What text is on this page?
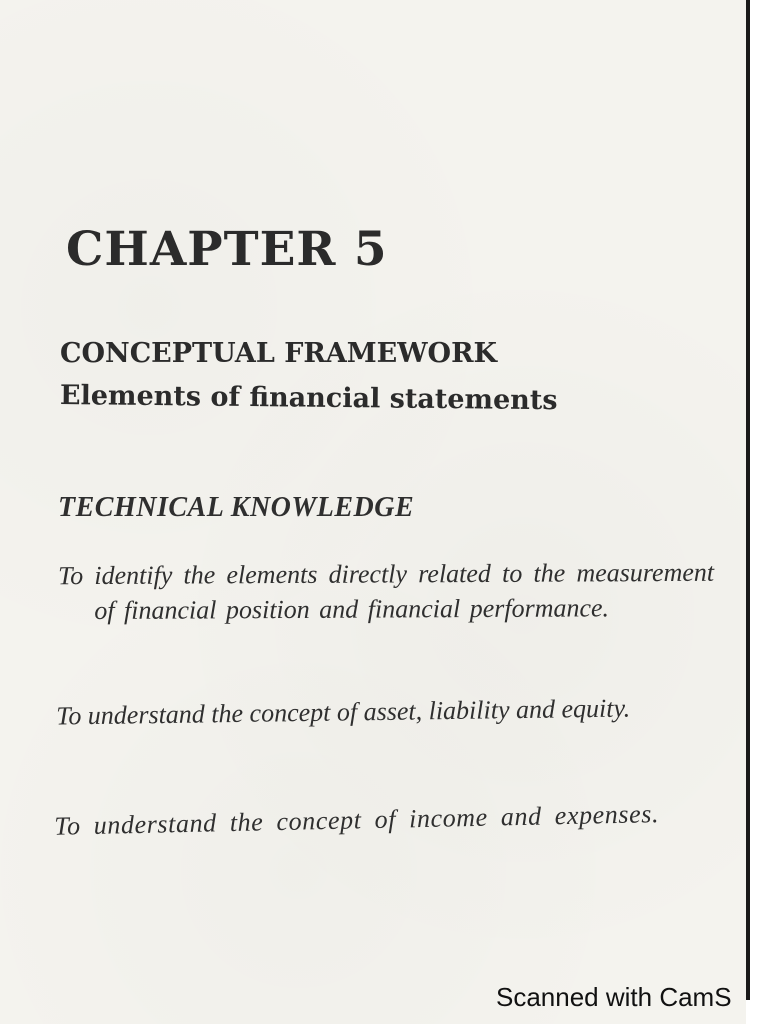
CHAPTER 5
CONCEPTUAL FRAMEWORK
Elements of financial statements
TECHNICAL KNOWLEDGE

To identify the elements directly related to the measurement of financial position and financial performance.

To understand the concept of asset, liability and equity.

To understand the concept of income and expenses.

Scanned with CamS
